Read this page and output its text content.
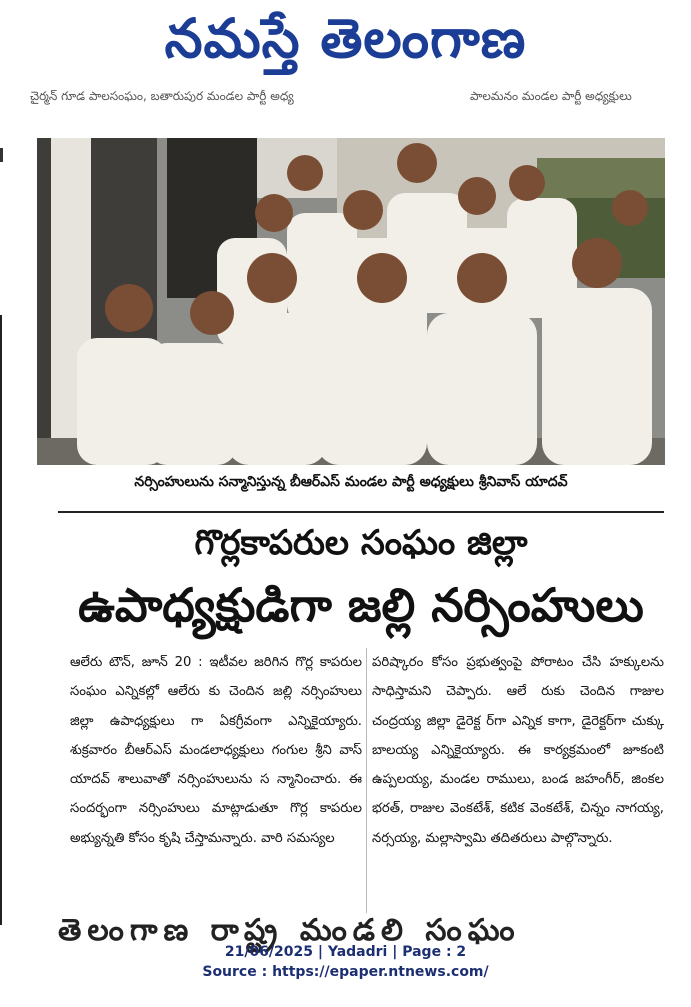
నమస్తే తెలంగాణ
చైర్మన్ గూడ పాలసంఘం, బతారుపుర మండల పార్టీ అధ్య	పాలమనం మండల పార్టీ అధ్యక్షులు
నర్సింహులును సన్మానిస్తున్న బీఆర్ఎస్ మండల పార్టీ అధ్యక్షులు శ్రీనివాస్ యాదవ్
గొర్లకాపరుల సంఘం జిల్లా
ఉపాధ్యక్షుడిగా జల్లి నర్సింహులు
ఆలేరు టౌన్, జూన్ 20 : ఇటీవల జరిగిన గొర్ల కాపరుల సంఘం ఎన్నికల్లో ఆలేరు కు చెందిన జల్లి నర్సింహులు జిల్లా ఉపాధ్యక్షులు గా ఏకగ్రీవంగా ఎన్నికైయ్యారు. శుక్రవారం బీఆర్ఎస్ మండలాధ్యక్షులు గంగుల శ్రీని వాస్ యాదవ్ శాలువాతో నర్సింహులును స న్మానించారు. ఈ సందర్భంగా నర్సింహులు మాట్లాడుతూ గొర్ల కాపరుల అభ్యున్నతి కోసం కృషి చేస్తామన్నారు. వారి సమస్యల
పరిష్కారం కోసం ప్రభుత్వంపై పోరాటం చేసి హక్కులను సాధిస్తామని చెప్పారు. ఆలే రుకు చెందిన గాజుల చంద్రయ్య జిల్లా డైరెక్ట ర్‌గా ఎన్నిక కాగా, డైరెక్టర్‌గా చుక్కు బాలయ్య ఎన్నికైయ్యారు. ఈ కార్యక్రమంలో జూకంటి ఉప్పలయ్య, మండల రాములు, బండ జహంగీర్, జింకల భరత్, రాజుల వెంకటేశ్, కటిక వెంకటేశ్, చిన్నం నాగయ్య, నర్సయ్య, మల్లాస్వామి తదితరులు పాల్గొన్నారు.
తెలంగాణ రాష్ట్ర మండలి సంఘం
21/06/2025 | Yadadri | Page : 2
Source : https://epaper.ntnews.com/
